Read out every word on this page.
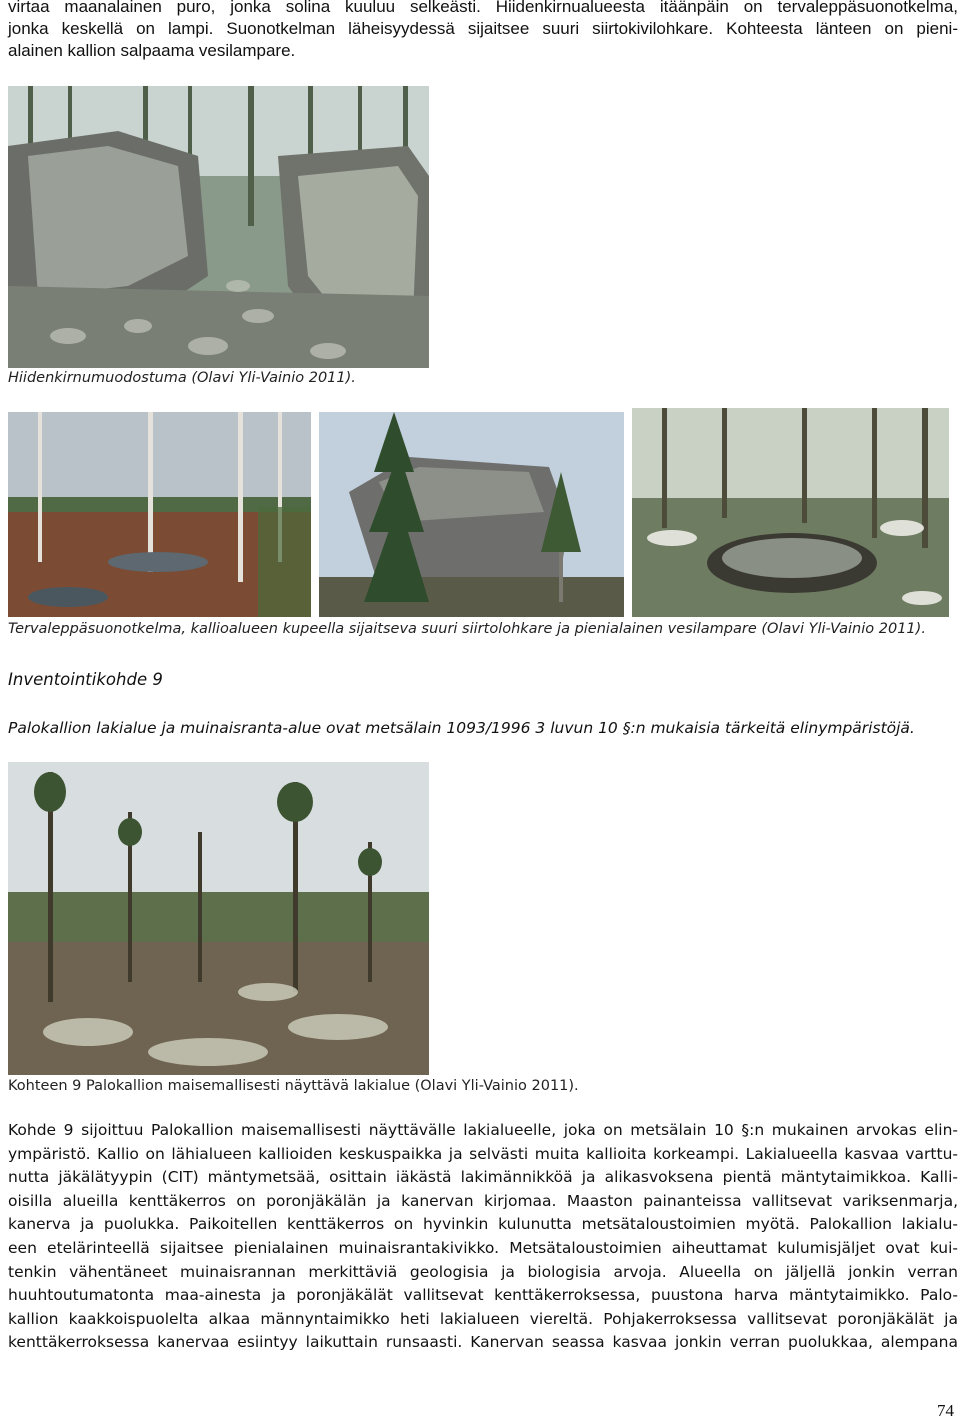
virtaa maanalainen puro, jonka solina kuuluu selkeästi. Hiidenkirnualueesta itäänpäin on tervaleppäsuonotkelma,
jonka keskellä on lampi. Suonotkelman läheisyydessä sijaitsee suuri siirtokivilohkare. Kohteesta länteen on pieni-
alainen kallion salpaama vesilampare.
Hiidenkirnumuodostuma (Olavi Yli-Vainio 2011).
Tervaleppäsuonotkelma, kallioalueen kupeella sijaitseva suuri siirtolohkare ja pienialainen vesilampare (Olavi Yli-Vainio 2011).
Inventointikohde 9
Palokallion lakialue ja muinaisranta-alue ovat metsälain 1093/1996 3 luvun 10 §:n mukaisia tärkeitä elinympäristöjä.
Kohteen 9 Palokallion maisemallisesti näyttävä lakialue (Olavi Yli-Vainio 2011).
Kohde 9 sijoittuu Palokallion maisemallisesti näyttävälle lakialueelle, joka on metsälain 10 §:n mukainen arvokas elin-
ympäristö. Kallio on lähialueen kallioiden keskuspaikka ja selvästi muita kallioita korkeampi. Lakialueella kasvaa varttu-
nutta jäkälätyypin (CIT) mäntymetsää, osittain iäkästä lakimännikköä ja alikasvoksena pientä mäntytaimikkoa. Kalli-
oisilla alueilla kenttäkerros on poronjäkälän ja kanervan kirjomaa. Maaston painanteissa vallitsevat variksenmarja,
kanerva ja puolukka. Paikoitellen kenttäkerros on hyvinkin kulunutta metsätaloustoimien myötä. Palokallion lakialu-
een etelärinteellä sijaitsee pienialainen muinaisrantakivikko. Metsätaloustoimien aiheuttamat kulumisjäljet ovat kui-
tenkin vähentäneet muinaisrannan merkittäviä geologisia ja biologisia arvoja. Alueella on jäljellä jonkin verran
huuhtoutumatonta maa-ainesta ja poronjäkälät vallitsevat kenttäkerroksessa, puustona harva mäntytaimikko. Palo-
kallion kaakkoispuolelta alkaa männyntaimikko heti lakialueen viereltä. Pohjakerroksessa vallitsevat poronjäkälät ja
kenttäkerroksessa kanervaa esiintyy laikuttain runsaasti. Kanervan seassa kasvaa jonkin verran puolukkaa, alempana
74
